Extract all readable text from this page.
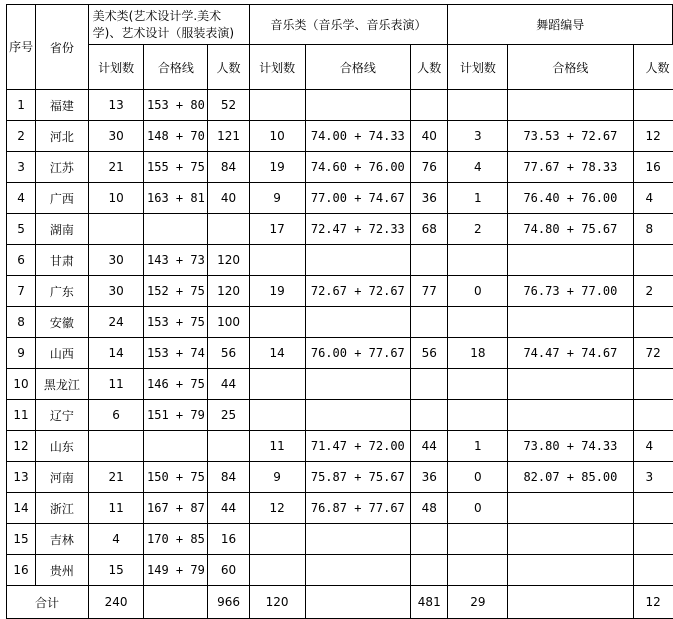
序号	省份	美术类(艺术设计学.美术学)、艺术设计（服装表演)			音乐类（音乐学、音乐表演）			舞蹈编导		
		计划数	合格线	人数	计划数	合格线	人数	计划数	合格线	人数
1	福建	13	153 + 80	52						
2	河北	30	148 + 70	121	10	74.00 + 74.33	40	3	73.53 + 72.67	12
3	江苏	21	155 + 75	84	19	74.60 + 76.00	76	4	77.67 + 78.33	16
4	广西	10	163 + 81	40	9	77.00 + 74.67	36	1	76.40 + 76.00	4
5	湖南				17	72.47 + 72.33	68	2	74.80 + 75.67	8
6	甘肃	30	143 + 73	120						
7	广东	30	152 + 75	120	19	72.67 + 72.67	77	0	76.73 + 77.00	2
8	安徽	24	153 + 75	100						
9	山西	14	153 + 74	56	14	76.00 + 77.67	56	18	74.47 + 74.67	72
10	黑龙江	11	146 + 75	44						
11	辽宁	6	151 + 79	25						
12	山东				11	71.47 + 72.00	44	1	73.80 + 74.33	4
13	河南	21	150 + 75	84	9	75.87 + 75.67	36	0	82.07 + 85.00	3
14	浙江	11	167 + 87	44	12	76.87 + 77.67	48	0		
15	吉林	4	170 + 85	16						
16	贵州	15	149 + 79	60						
合计		240		966	120		481	29		12
